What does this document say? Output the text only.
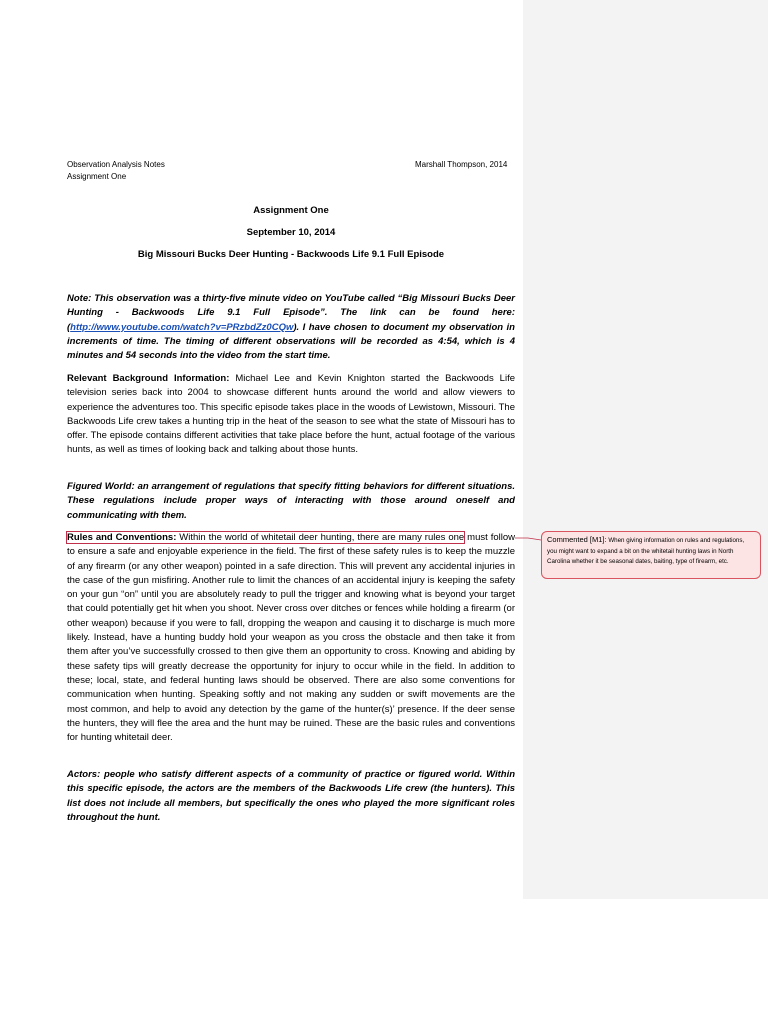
Observation Analysis Notes
Assignment One
Marshall Thompson, 2014
Assignment One
September 10, 2014
Big Missouri Bucks Deer Hunting - Backwoods Life 9.1 Full Episode

Note: This observation was a thirty-five minute video on YouTube called “Big Missouri Bucks Deer Hunting - Backwoods Life 9.1 Full Episode”. The link can be found here: (http://www.youtube.com/watch?v=PRzbdZz0CQw). I have chosen to document my observation in increments of time. The timing of different observations will be recorded as 4:54, which is 4 minutes and 54 seconds into the video from the start time.

Relevant Background Information: Michael Lee and Kevin Knighton started the Backwoods Life television series back into 2004 to showcase different hunts around the world and allow viewers to experience the adventures too. This specific episode takes place in the woods of Lewistown, Missouri. The Backwoods Life crew takes a hunting trip in the heat of the season to see what the state of Missouri has to offer. The episode contains different activities that take place before the hunt, actual footage of the various hunts, as well as times of looking back and talking about those hunts.

Figured World: an arrangement of regulations that specify fitting behaviors for different situations. These regulations include proper ways of interacting with those around oneself and communicating with them.

Rules and Conventions: Within the world of whitetail deer hunting, there are many rules one must follow to ensure a safe and enjoyable experience in the field. The first of these safety rules is to keep the muzzle of any firearm (or any other weapon) pointed in a safe direction. This will prevent any accidental injuries in the case of the gun misfiring. Another rule to limit the chances of an accidental injury is keeping the safety on your gun “on” until you are absolutely ready to pull the trigger and knowing what is beyond your target that could potentially get hit when you shoot. Never cross over ditches or fences while holding a firearm (or other weapon) because if you were to fall, dropping the weapon and causing it to discharge is much more likely. Instead, have a hunting buddy hold your weapon as you cross the obstacle and then take it from them after you’ve successfully crossed to then give them an opportunity to cross. Knowing and abiding by these safety tips will greatly decrease the opportunity for injury to occur while in the field. In addition to these; local, state, and federal hunting laws should be observed. There are also some conventions for communication when hunting. Speaking softly and not making any sudden or swift movements are the most common, and help to avoid any detection by the game of the hunter(s)’ presence. If the deer sense the hunters, they will flee the area and the hunt may be ruined. These are the basic rules and conventions for hunting whitetail deer.

Actors: people who satisfy different aspects of a community of practice or figured world. Within this specific episode, the actors are the members of the Backwoods Life crew (the hunters). This list does not include all members, but specifically the ones who played the more significant roles throughout the hunt.

Commented [M1]: When giving information on rules and regulations, you might want to expand a bit on the whitetail hunting laws in North Carolina whether it be seasonal dates, baiting, type of firearm, etc.
